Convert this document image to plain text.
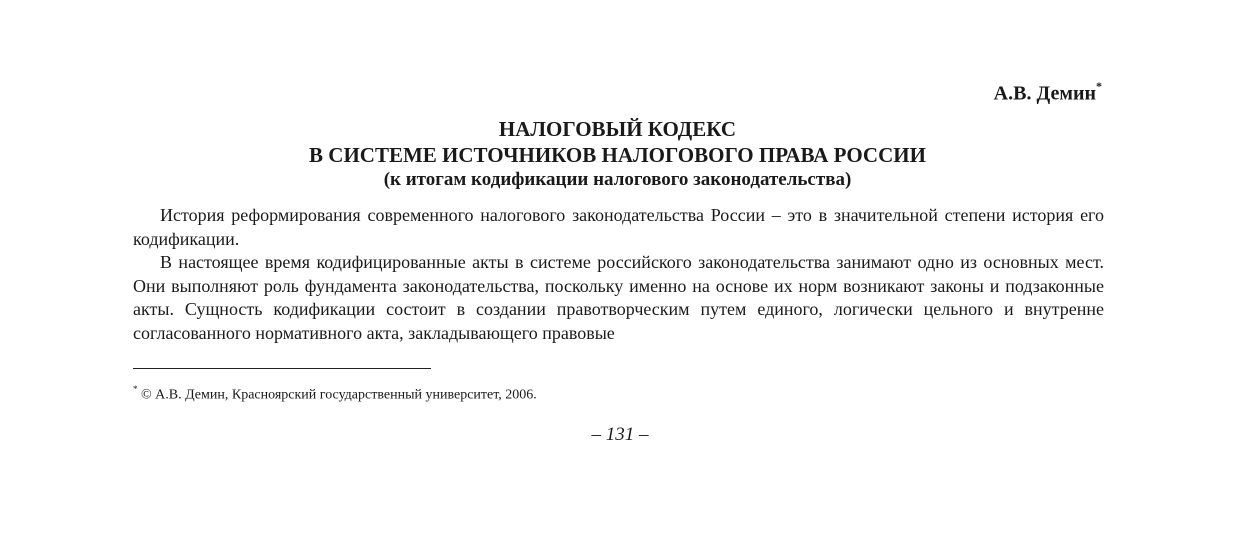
А.В. Демин*
НАЛОГОВЫЙ КОДЕКС
В СИСТЕМЕ ИСТОЧНИКОВ НАЛОГОВОГО ПРАВА РОССИИ
(к итогам кодификации налогового законодательства)

История реформирования современного налогового законодательства России – это в значительной степени история его кодификации.

В настоящее время кодифицированные акты в системе российского законодательства занимают одно из основных мест. Они выполняют роль фундамента законодательства, поскольку именно на основе их норм возникают законы и подзаконные акты. Сущность кодификации состоит в создании правотворческим путем единого, логически цельного и внутренне согласованного нормативного акта, закладывающего правовые

* © А.В. Демин, Красноярский государственный университет, 2006.
– 131 –
